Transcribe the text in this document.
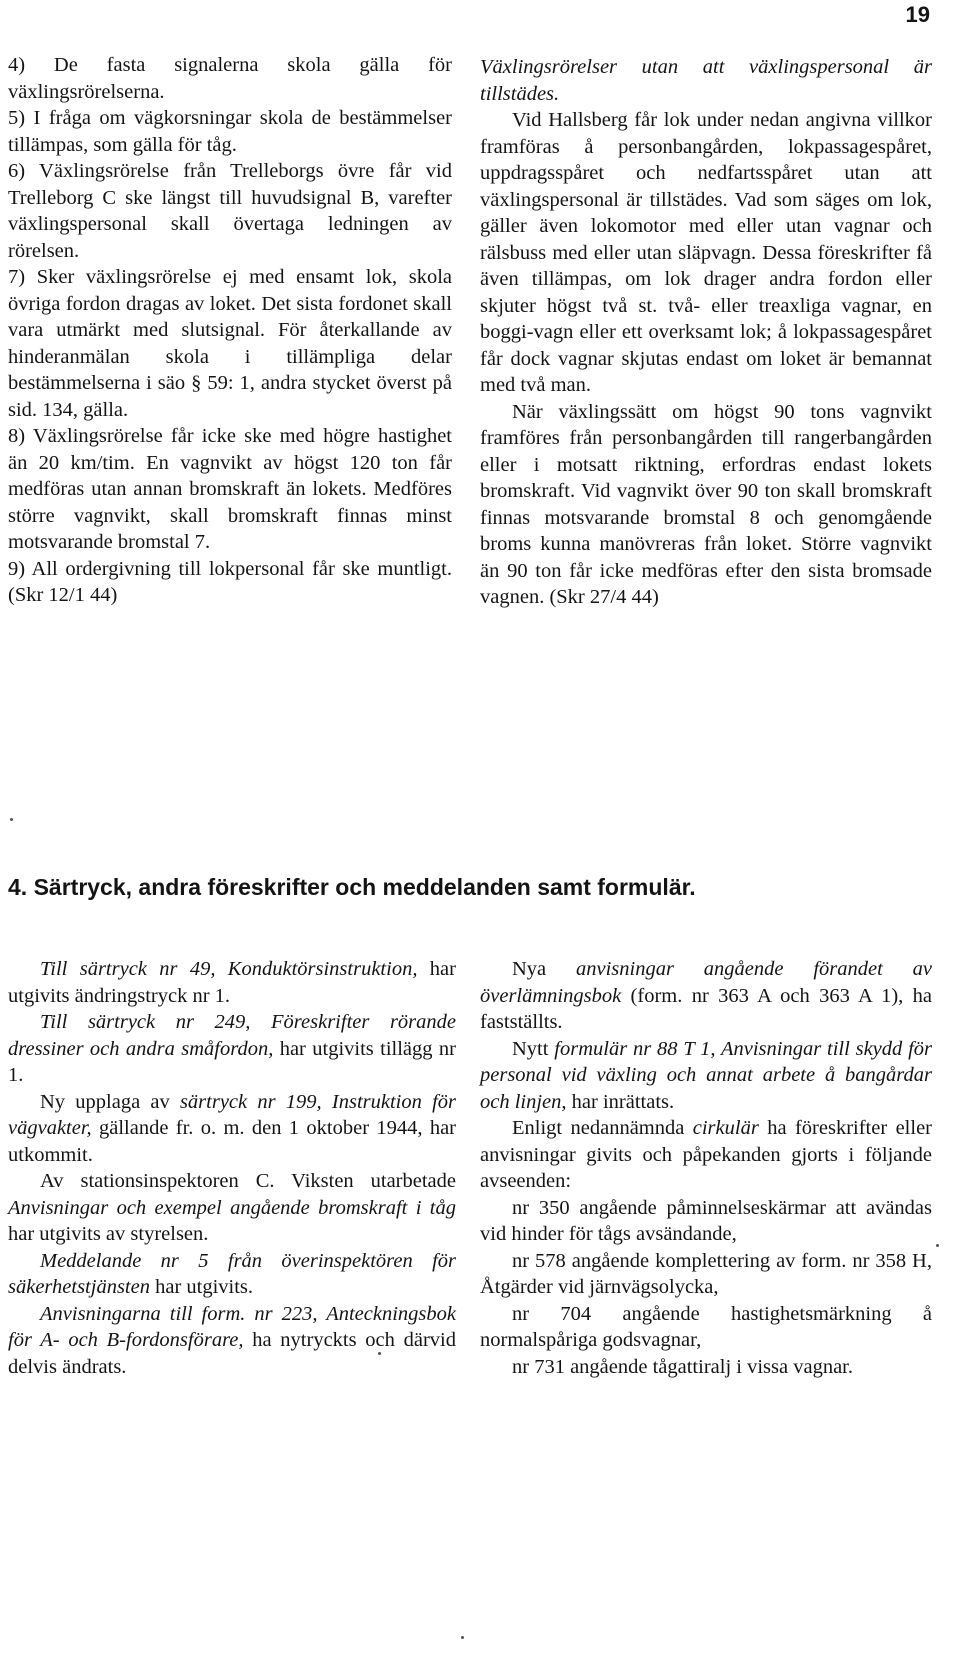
19

4) De fasta signalerna skola gälla för växlingsrörelserna.

5) I fråga om vägkorsningar skola de bestämmelser tillämpas, som gälla för tåg.

6) Växlingsrörelse från Trelleborgs övre får vid Trelleborg C ske längst till huvudsignal B, varefter växlingspersonal skall övertaga ledningen av rörelsen.

7) Sker växlingsrörelse ej med ensamt lok, skola övriga fordon dragas av loket. Det sista fordonet skall vara utmärkt med slutsignal. För återkallande av hinderanmälan skola i tillämpliga delar bestämmelserna i säo § 59: 1, andra stycket överst på sid. 134, gälla.

8) Växlingsrörelse får icke ske med högre hastighet än 20 km/tim. En vagnvikt av högst 120 ton får medföras utan annan bromskraft än lokets. Medföres större vagnvikt, skall bromskraft finnas minst motsvarande bromstal 7.

9) All ordergivning till lokpersonal får ske muntligt. (Skr 12/1 44)

Växlingsrörelser utan att växlingspersonal är tillstädes.

Vid Hallsberg får lok under nedan angivna villkor framföras å personbangården, lokpassagespåret, uppdragsspåret och nedfartsspåret utan att växlingspersonal är tillstädes. Vad som säges om lok, gäller även lokomotor med eller utan vagnar och rälsbuss med eller utan släpvagn. Dessa föreskrifter få även tillämpas, om lok drager andra fordon eller skjuter högst två st. två- eller treaxliga vagnar, en boggi-vagn eller ett overksamt lok; å lokpassagespåret får dock vagnar skjutas endast om loket är bemannat med två man.

När växlingssätt om högst 90 tons vagnvikt framföres från personbangården till rangerbangården eller i motsatt riktning, erfordras endast lokets bromskraft. Vid vagnvikt över 90 ton skall bromskraft finnas motsvarande bromstal 8 och genomgående broms kunna manövreras från loket. Större vagnvikt än 90 ton får icke medföras efter den sista bromsade vagnen. (Skr 27/4 44)

4. Särtryck, andra föreskrifter och meddelanden samt formulär.

Till särtryck nr 49, Konduktörsinstruktion, har utgivits ändringstryck nr 1.

Till särtryck nr 249, Föreskrifter rörande dressiner och andra småfordon, har utgivits tillägg nr 1.

Ny upplaga av särtryck nr 199, Instruktion för vägvakter, gällande fr. o. m. den 1 oktober 1944, har utkommit.

Av stationsinspektoren C. Viksten utarbetade Anvisningar och exempel angående bromskraft i tåg har utgivits av styrelsen.

Meddelande nr 5 från överinspektören för säkerhetstjänsten har utgivits.

Anvisningarna till form. nr 223, Anteckningsbok för A- och B-fordonsförare, ha nytryckts och därvid delvis ändrats.

Nya anvisningar angående förandet av överlämningsbok (form. nr 363 A och 363 A 1), ha fastställts.

Nytt formulär nr 88 T 1, Anvisningar till skydd för personal vid växling och annat arbete å bangårdar och linjen, har inrättats.

Enligt nedannämnda cirkulär ha föreskrifter eller anvisningar givits och påpekanden gjorts i följande avseenden:

nr 350 angående påminnelseskärmar att avändas vid hinder för tågs avsändande,

nr 578 angående komplettering av form. nr 358 H, Åtgärder vid järnvägsolycka,

nr 704 angående hastighetsmärkning å normalspåriga godsvagnar,

nr 731 angående tågattiralj i vissa vagnar.
